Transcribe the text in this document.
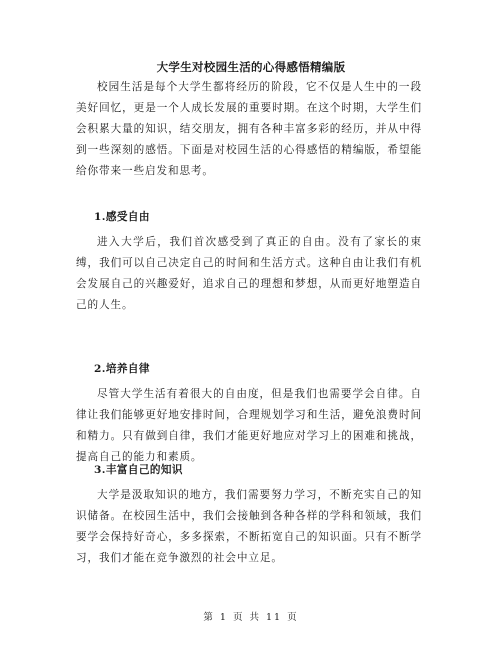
大学生对校园生活的心得感悟精编版

校园生活是每个大学生都将经历的阶段，它不仅是人生中的一段美好回忆，更是一个人成长发展的重要时期。在这个时期，大学生们会积累大量的知识，结交朋友，拥有各种丰富多彩的经历，并从中得到一些深刻的感悟。下面是对校园生活的心得感悟的精编版，希望能给你带来一些启发和思考。

1.感受自由

进入大学后，我们首次感受到了真正的自由。没有了家长的束缚，我们可以自己决定自己的时间和生活方式。这种自由让我们有机会发展自己的兴趣爱好，追求自己的理想和梦想，从而更好地塑造自己的人生。

2.培养自律

尽管大学生活有着很大的自由度，但是我们也需要学会自律。自律让我们能够更好地安排时间，合理规划学习和生活，避免浪费时间和精力。只有做到自律，我们才能更好地应对学习上的困难和挑战，提高自己的能力和素质。

3.丰富自己的知识

大学是汲取知识的地方，我们需要努力学习，不断充实自己的知识储备。在校园生活中，我们会接触到各种各样的学科和领域，我们要学会保持好奇心，多多探索，不断拓宽自己的知识面。只有不断学习，我们才能在竞争激烈的社会中立足。

第 1 页 共 11 页
